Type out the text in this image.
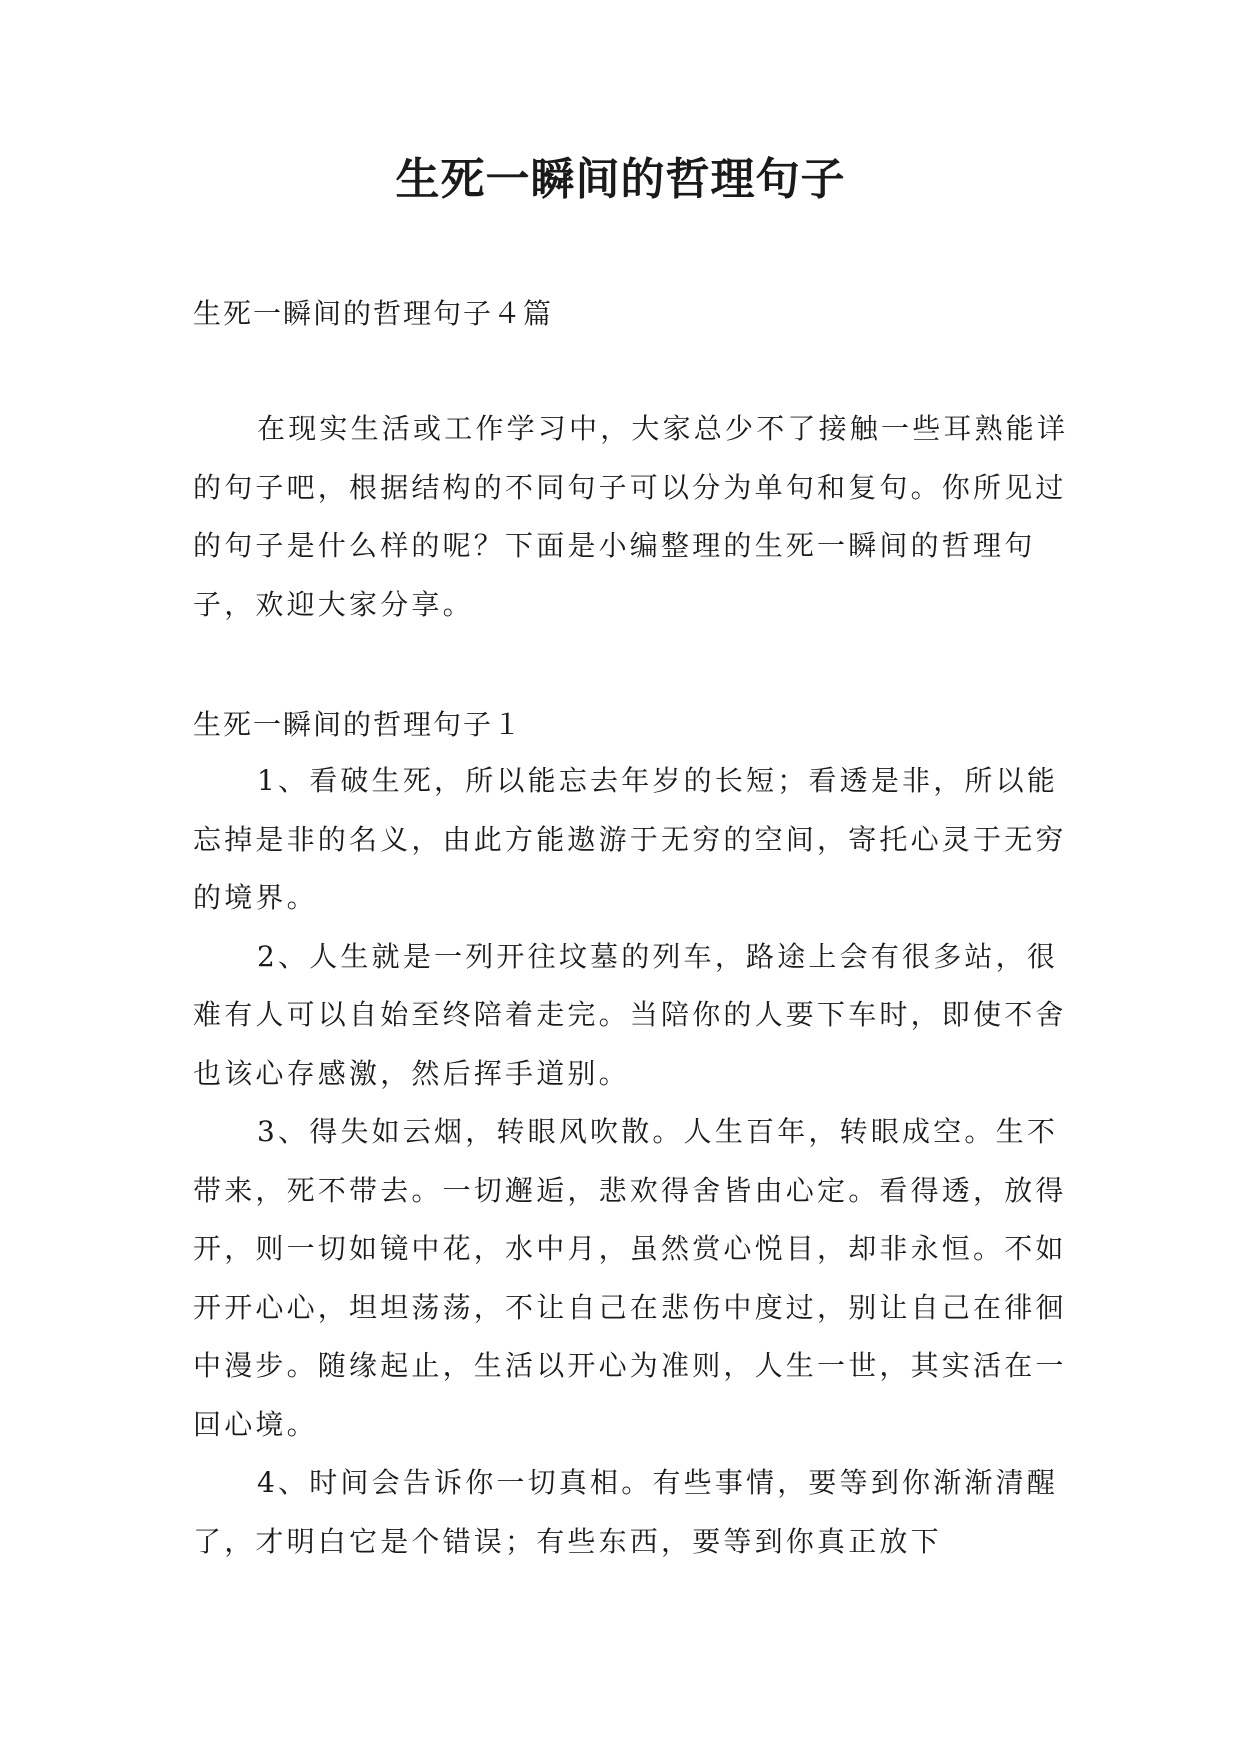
生死一瞬间的哲理句子
生死一瞬间的哲理句子４篇

在现实生活或工作学习中，大家总少不了接触一些耳熟能详的句子吧，根据结构的不同句子可以分为单句和复句。你所见过的句子是什么样的呢？下面是小编整理的生死一瞬间的哲理句子，欢迎大家分享。

生死一瞬间的哲理句子１

1、看破生死，所以能忘去年岁的长短；看透是非，所以能忘掉是非的名义，由此方能遨游于无穷的空间，寄托心灵于无穷的境界。

2、人生就是一列开往坟墓的列车，路途上会有很多站，很难有人可以自始至终陪着走完。当陪你的人要下车时，即使不舍也该心存感激，然后挥手道别。

3、得失如云烟，转眼风吹散。人生百年，转眼成空。生不带来，死不带去。一切邂逅，悲欢得舍皆由心定。看得透，放得开，则一切如镜中花，水中月，虽然赏心悦目，却非永恒。不如开开心心，坦坦荡荡，不让自己在悲伤中度过，别让自己在徘徊中漫步。随缘起止，生活以开心为准则，人生一世，其实活在一回心境。

4、时间会告诉你一切真相。有些事情，要等到你渐渐清醒了，才明白它是个错误；有些东西，要等到你真正放下
